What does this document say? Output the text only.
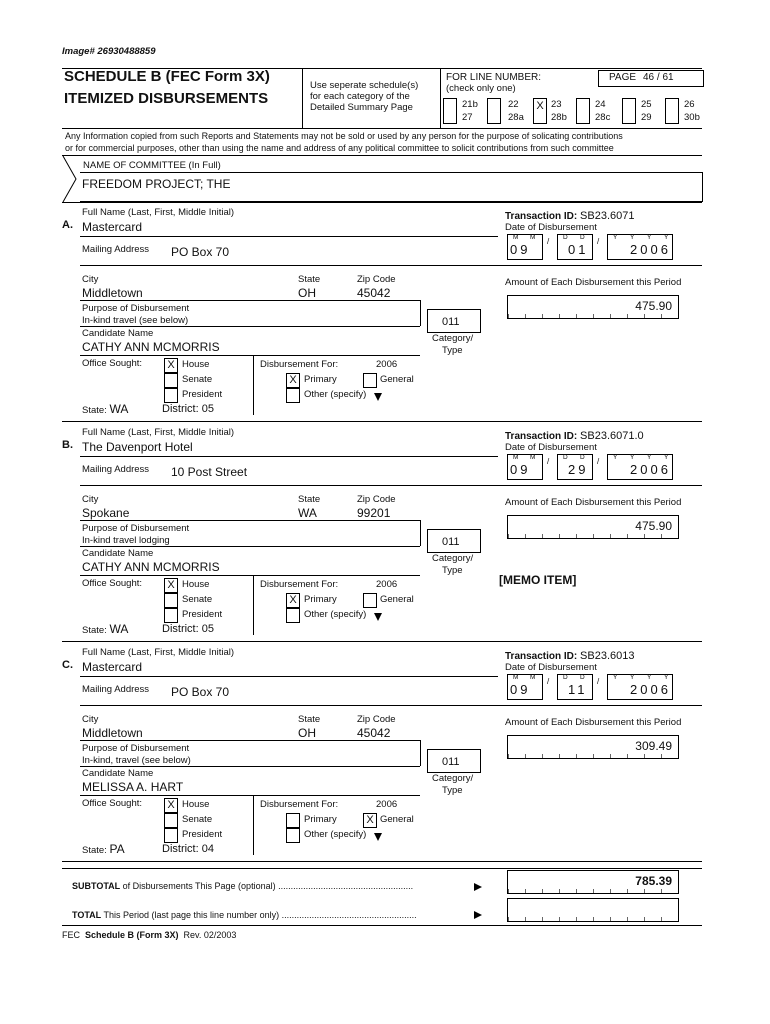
Image# 26930488859
SCHEDULE B (FEC Form 3X)
ITEMIZED DISBURSEMENTS
Use seperate schedule(s)
for each category of the
Detailed Summary Page
FOR LINE NUMBER:
(check only one)
PAGE 46 / 61
21b
27
22
28a
X 23
28b
24
28c
25
29
26
30b
Any Information copied from such Reports and Statements may not be sold or used by any person for the purpose of solicating contributions
or for commercial purposes, other than using the name and address of any political committee to solicit contributions from such committee
NAME OF COMMITTEE (In Full)
FREEDOM PROJECT; THE
A.
Full Name (Last, First, Middle Initial)
Mastercard
Mailing Address PO Box 70
City
Middletown
State
OH
Zip Code
45042
Purpose of Disbursement
In-kind travel (see below)	011
Category/
Type
Candidate Name
CATHY ANN MCMORRIS
Office Sought:	X House
Senate
President
State: WA	District: 05
Disbursement For:	2006
X Primary	General
Other (specify)
Transaction ID: SB23.6071
Date of Disbursement
M M
09
/ D D
01
/ Y Y Y Y
2006
Amount of Each Disbursement this Period
475.90
B.
Full Name (Last, First, Middle Initial)
The Davenport Hotel
Mailing Address 10 Post Street
City
Spokane
State
WA
Zip Code
99201
Purpose of Disbursement
In-kind travel lodging	011
Category/
Type
Candidate Name
CATHY ANN MCMORRIS
Office Sought:	X House
Senate
President
State: WA	District: 05
Disbursement For:	2006
X Primary	General
Other (specify)
Transaction ID: SB23.6071.0
Date of Disbursement
M M
09
/ D D
29
/ Y Y Y Y
2006
Amount of Each Disbursement this Period
475.90
[MEMO ITEM]
C.
Full Name (Last, First, Middle Initial)
Mastercard
Mailing Address PO Box 70
City
Middletown
State
OH
Zip Code
45042
Purpose of Disbursement
In-kind, travel (see below)	011
Category/
Type
Candidate Name
MELISSA A. HART
Office Sought:	X House
Senate
President
State: PA	District: 04
Disbursement For:	2006
Primary	X General
Other (specify)
Transaction ID: SB23.6013
Date of Disbursement
M M
09
/ D D
11
/ Y Y Y Y
2006
Amount of Each Disbursement this Period
309.49
SUBTOTAL of Disbursements This Page (optional) ......................................................	785.39
TOTAL This Period (last page this line number only) ......................................................
FEC Schedule B (Form 3X) Rev. 02/2003
